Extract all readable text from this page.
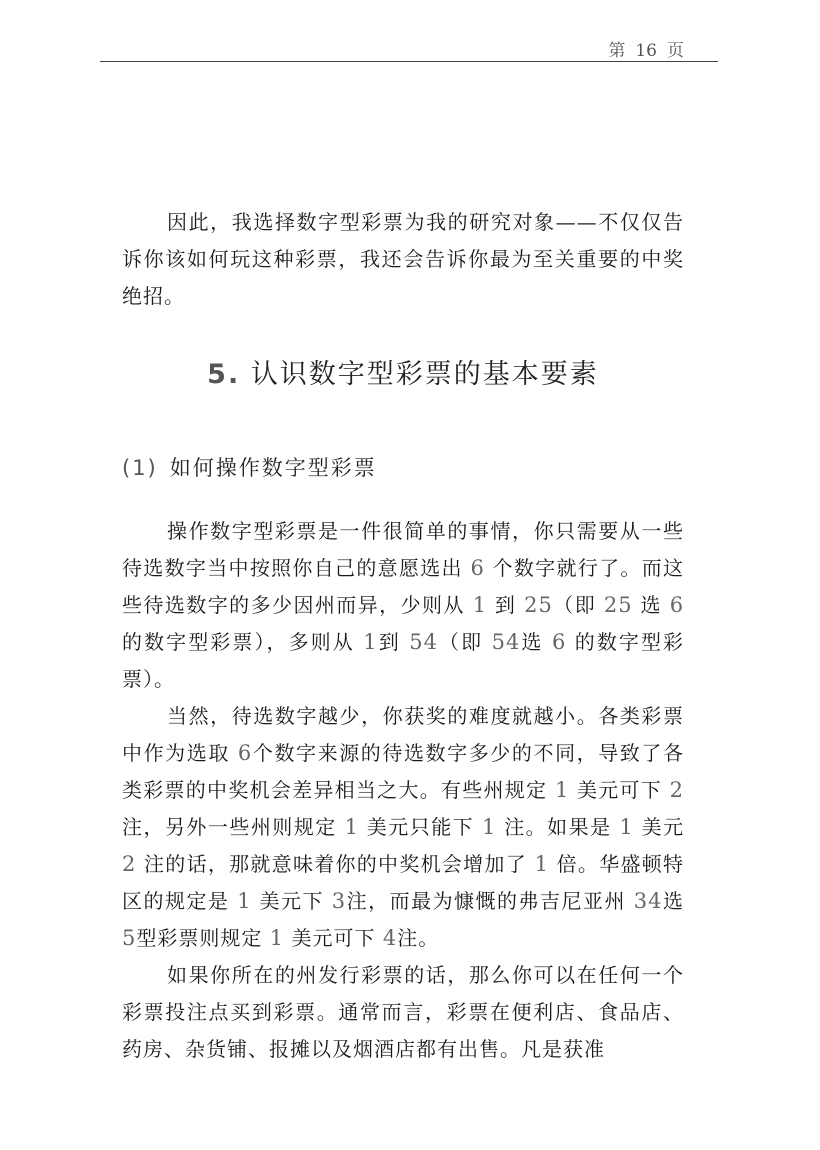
第 16 页

因此，我选择数字型彩票为我的研究对象——不仅仅告诉你该如何玩这种彩票，我还会告诉你最为至关重要的中奖绝招。

5. 认识数字型彩票的基本要素
(1) 如何操作数字型彩票

操作数字型彩票是一件很简单的事情，你只需要从一些待选数字当中按照你自己的意愿选出 6 个数字就行了。而这些待选数字的多少因州而异，少则从 1 到 25（即 25 选 6 的数字型彩票），多则从 1到 54（即 54选 6 的数字型彩票）。

当然，待选数字越少，你获奖的难度就越小。各类彩票中作为选取 6个数字来源的待选数字多少的不同，导致了各类彩票的中奖机会差异相当之大。有些州规定 1 美元可下 2注，另外一些州则规定 1 美元只能下 1 注。如果是 1 美元 2 注的话，那就意味着你的中奖机会增加了 1 倍。华盛顿特区的规定是 1 美元下 3注，而最为慷慨的弗吉尼亚州 34选 5型彩票则规定 1 美元可下 4注。

如果你所在的州发行彩票的话，那么你可以在任何一个彩票投注点买到彩票。通常而言，彩票在便利店、食品店、药房、杂货铺、报摊以及烟酒店都有出售。凡是获准
